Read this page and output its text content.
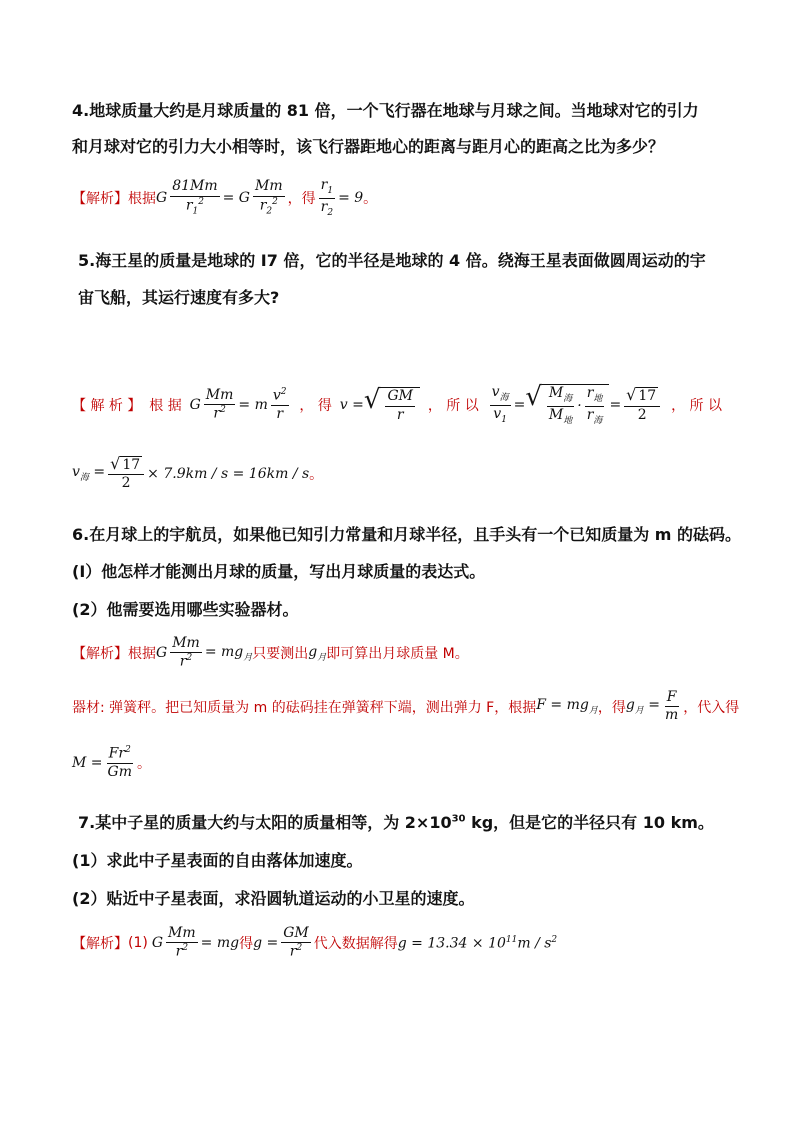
4.地球质量大约是月球质量的 81 倍，一个飞行器在地球与月球之间。当地球对它的引力
和月球对它的引力大小相等时，该飞行器距地心的距离与距月心的距高之比为多少？
【解析】 根据 G $\frac{81Mm}{r_1^2} = G \frac{Mm}{r_2^2}$ ，得 $\frac{r_1}{r_2} = 9$ 。
5.海王星的质量是地球的 I7 倍，它的半径是地球的 4 倍。绕海王星表面做圆周运动的宇
宙飞船，其运行速度有多大?
【 解 析 】 根 据 G $\frac{Mm}{r^2} = m \frac{v^2}{r}$ ， 得 v = √ $\frac{GM}{r}$ ， 所 以 $\frac{v_海}{v_1}$ = √ $\frac{M_海}{M_地} \cdot \frac{r_地}{r_海} = \frac{√ 17}{2}$ ， 所 以
$v_海 = \frac{√ 17}{2} \times 7.9km / s = 16km / s$ 。
6.在月球上的宇航员，如果他已知引力常量和月球半径，且手头有一个已知质量为 m 的砝码。
(I）他怎样才能测出月球的质量，写出月球质量的表达式。
(2）他需要选用哪些实验器材。
【解析】 根据 G $\frac{Mm}{r^2} = mg_月$ 只要测出 $g_月$ 即可算出月球质量 M。
器材: 弹簧秤。把已知质量为 m 的砝码挂在弹簧秤下端，测出弹力 F，根据 $F = mg_月$ ，得 $g_月 = \frac{F}{m}$ ，代入得
$M = \frac{Fr^2}{Gm}$ 。
7.某中子星的质量大约与太阳的质量相等，为 $2\times 10^{30}$ kg，但是它的半径只有 10 km。
(1）求此中子星表面的自由落体加速度。
(2）贴近中子星表面，求沿圆轨道运动的小卫星的速度。
【解析】 (1) G $\frac{Mm}{r^2}$ = mg 得 $g = \frac{GM}{r^2}$ 代入数据解得 $g = 13.34 \times 10^{11}m / s^2$
